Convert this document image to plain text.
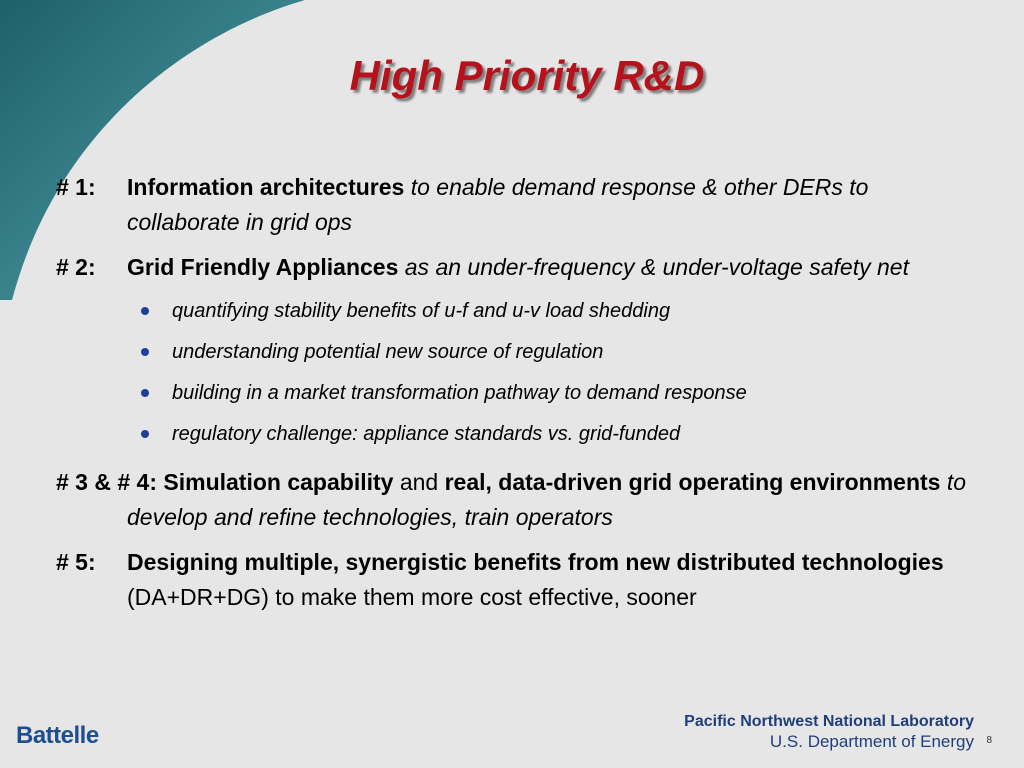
High Priority R&D
# 1: Information architectures to enable demand response & other DERs to collaborate in grid ops
# 2: Grid Friendly Appliances as an under-frequency & under-voltage safety net
quantifying stability benefits of u-f and u-v load shedding
understanding potential new source of regulation
building in a market transformation pathway to demand response
regulatory challenge: appliance standards vs. grid-funded
# 3 & # 4: Simulation capability and real, data-driven grid operating environments to develop and refine technologies, train operators
# 5: Designing multiple, synergistic benefits from new distributed technologies (DA+DR+DG) to make them more cost effective, sooner
Battelle
Pacific Northwest National Laboratory
U.S. Department of Energy 8
